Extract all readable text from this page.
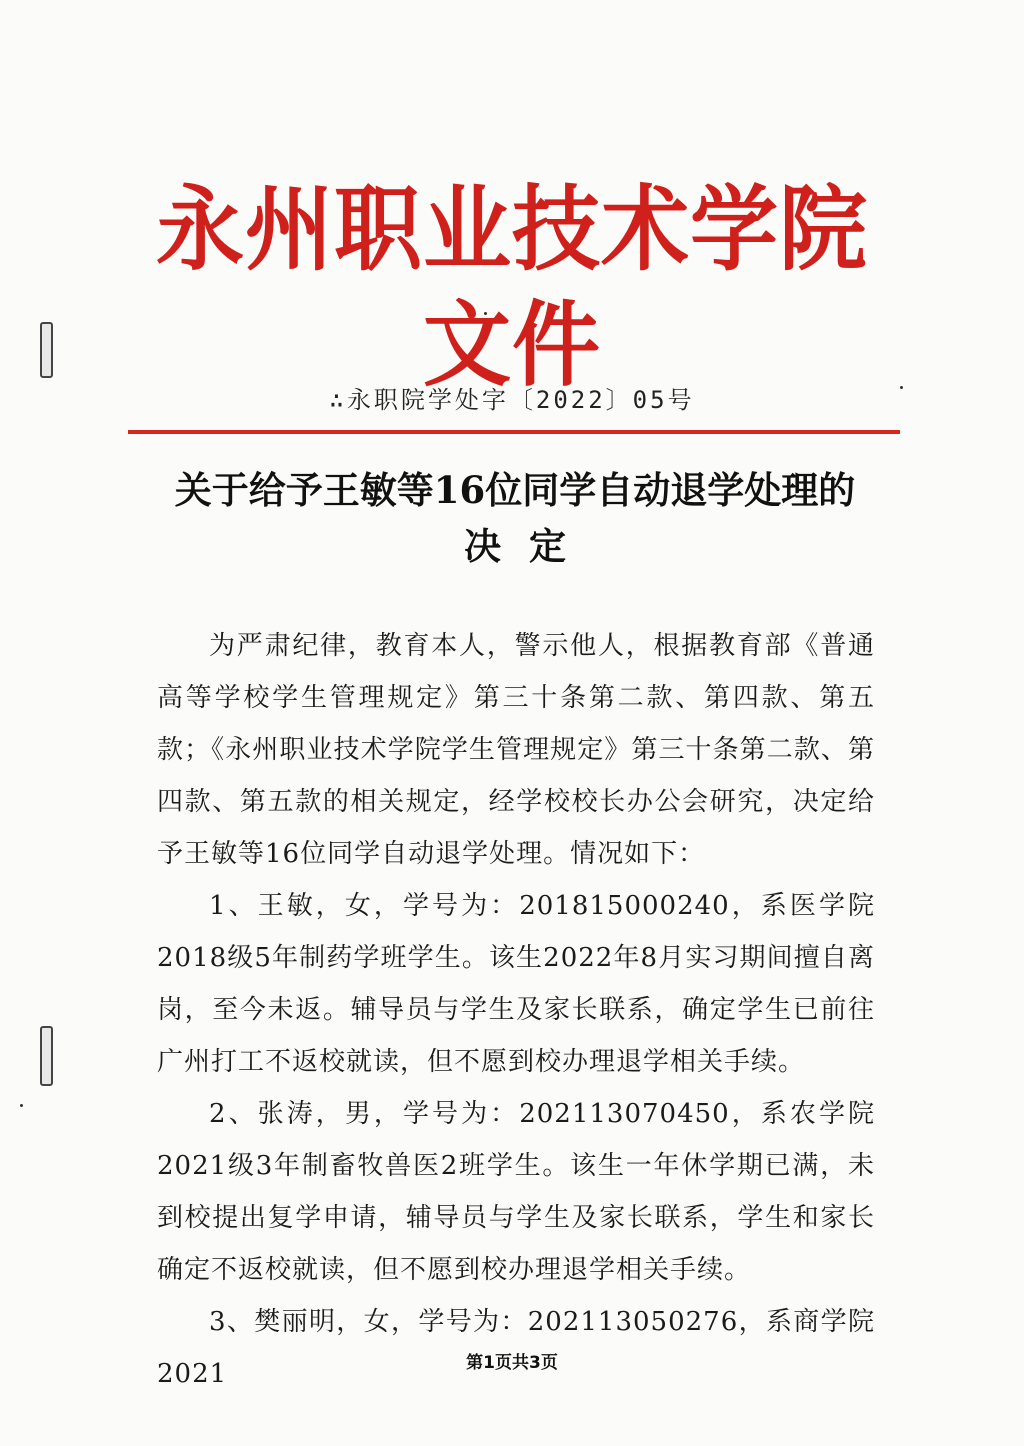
永州职业技术学院文件
∴永职院学处字〔2022〕05号
关于给予王敏等16位同学自动退学处理的
决定

为严肃纪律，教育本人，警示他人，根据教育部《普通高等学校学生管理规定》第三十条第二款、第四款、第五款；《永州职业技术学院学生管理规定》第三十条第二款、第四款、第五款的相关规定，经学校校长办公会研究，决定给予王敏等16位同学自动退学处理。情况如下：

1、王敏，女，学号为：201815000240，系医学院2018级5年制药学班学生。该生2022年8月实习期间擅自离岗，至今未返。辅导员与学生及家长联系，确定学生已前往广州打工不返校就读，但不愿到校办理退学相关手续。

2、张涛，男，学号为：202113070450，系农学院2021级3年制畜牧兽医2班学生。该生一年休学期已满，未到校提出复学申请，辅导员与学生及家长联系，学生和家长确定不返校就读，但不愿到校办理退学相关手续。

3、樊丽明，女，学号为：202113050276，系商学院2021	第1页共3页
